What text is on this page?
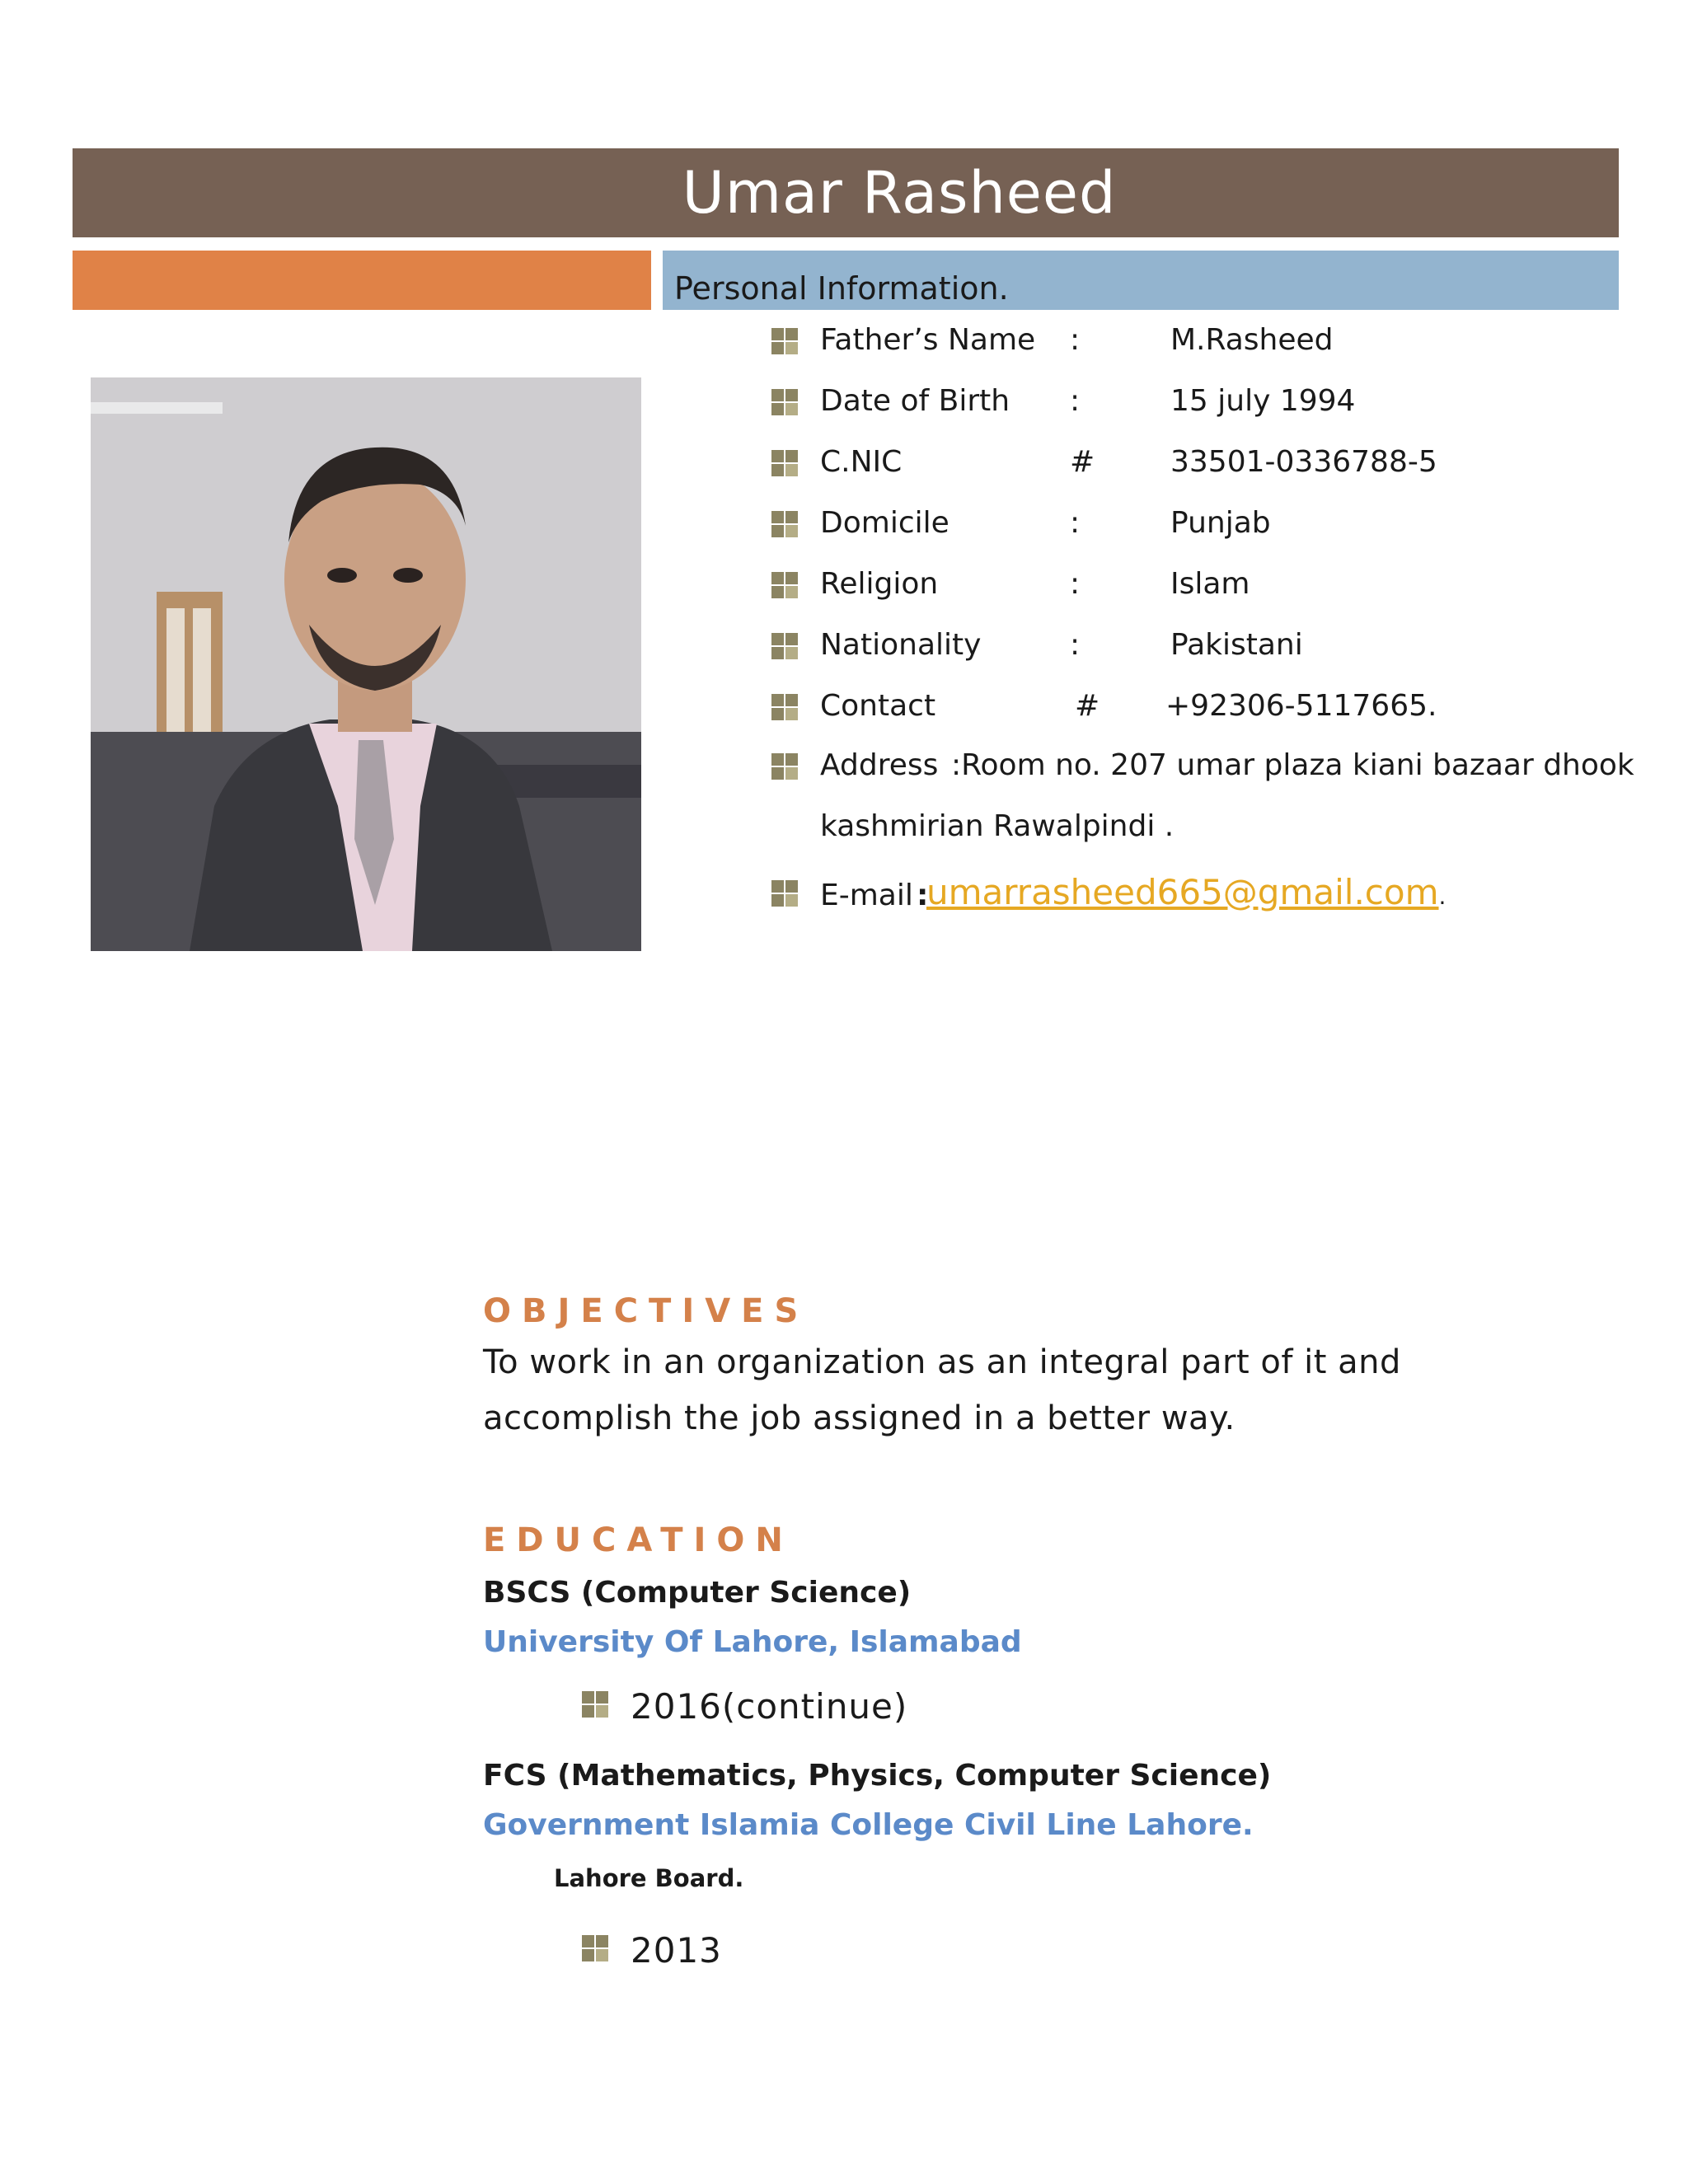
Umar Rasheed
Personal Information.
Father’s Name :	M.Rasheed
Date of Birth :	15 july 1994
C.NIC	#	33501-0336788-5
Domicile	:	Punjab
Religion	:	Islam
Nationality	:	Pakistani
Contact	# +92306-5117665.
Address :Room no. 207 umar plaza kiani bazaar dhook
kashmirian Rawalpindi .
E-mail :
umarrasheed665@gmail.com.
OBJECTIVES
To work in an organization as an integral part of it and
accomplish the job assigned in a better way.
EDUCATION
BSCS (Computer Science)
University Of Lahore, Islamabad
2016(continue)
FCS (Mathematics, Physics, Computer Science)
Government Islamia College Civil Line Lahore.
Lahore Board.
2013
